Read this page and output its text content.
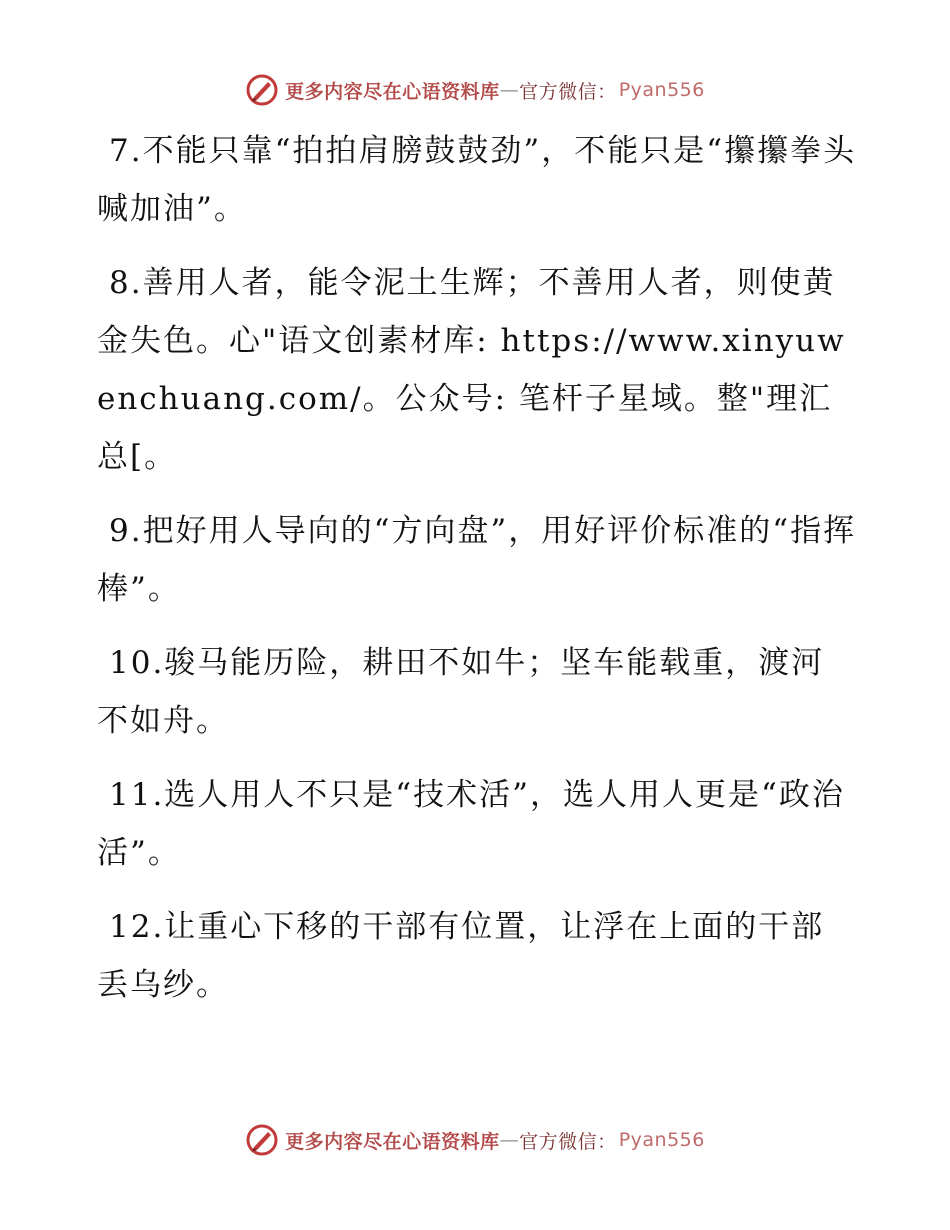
更多内容尽在心语资料库 — 官方微信： Pyan556

7.不能只靠“拍拍肩膀鼓鼓劲”，不能只是“攥攥拳头喊加油”。

8.善用人者，能令泥土生辉；不善用人者，则使黄金失色。心"语文创素材库: https://www.xinyuwenchuang.com/。公众号: 笔杆子星域。整"理汇总[。

9.把好用人导向的“方向盘”，用好评价标准的“指挥棒”。

10.骏马能历险，耕田不如牛；坚车能载重，渡河不如舟。

11.选人用人不只是“技术活”，选人用人更是“政治活”。

12.让重心下移的干部有位置，让浮在上面的干部丢乌纱。

更多内容尽在心语资料库 — 官方微信： Pyan556
